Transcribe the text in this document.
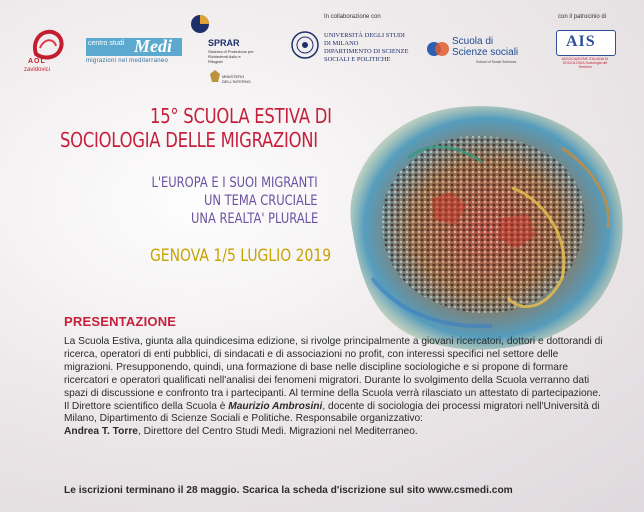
AOL
zavidovici
centro studi Medi
migrazioni nel mediterraneo
SPRAR
Sistema di Protezione per Richiedenti Asilo e Rifugiati
MINISTERO DELL'INTERNO
In collaborazione con
UNIVERSITÀ DEGLI STUDI
DI MILANO
DIPARTIMENTO DI SCIENZE
SOCIALI E POLITICHE
Scuola di
Scienze sociali
School of Social Sciences
con il patrocinio di
AIS
ASSOCIAZIONE ITALIANA DI SOCIOLOGIA Sociologia del Territorio
15° SCUOLA ESTIVA DI
SOCIOLOGIA DELLE MIGRAZIONI
L'EUROPA E I SUOI MIGRANTI
UN TEMA CRUCIALE
UNA REALTA' PLURALE
GENOVA 1/5 LUGLIO 2019
PRESENTAZIONE
La Scuola Estiva, giunta alla quindicesima edizione, si rivolge principalmente a giovani ricercatori, dottori e dottorandi di ricerca, operatori di enti pubblici, di sindacati e di associazioni no profit, con interessi specifici nel settore delle migrazioni. Presupponendo, quindi, una formazione di base nelle discipline sociologiche e si propone di formare ricercatori e operatori qualificati nell'analisi dei fenomeni migratori. Durante lo svolgimento della Scuola verranno dati spazi di discussione e confronto tra i partecipanti. Al termine della Scuola verrà rilasciato un attestato di partecipazione.
Il Direttore scientifico della Scuola è Maurizio Ambrosini, docente di sociologia dei processi migratori nell'Università di Milano, Dipartimento di Scienze Sociali e Politiche. Responsabile organizzativo:
Andrea T. Torre, Direttore del Centro Studi Medi. Migrazioni nel Mediterraneo.
Le iscrizioni terminano il 28 maggio. Scarica la scheda d'iscrizione sul sito www.csmedi.com
